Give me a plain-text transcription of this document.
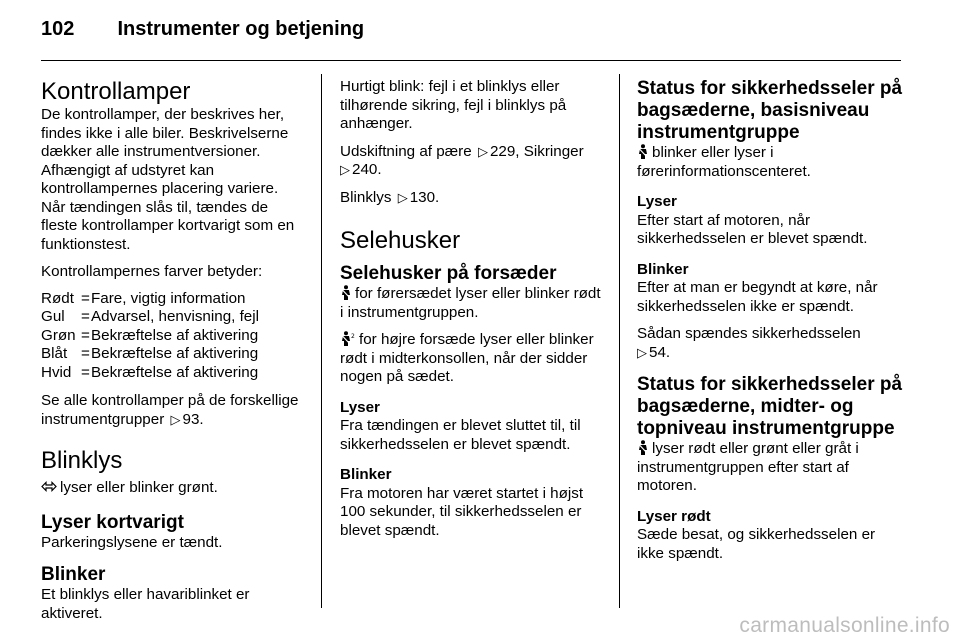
102 Instrumenter og betjening
Kontrollamper

De kontrollamper, der beskrives her, findes ikke i alle biler. Beskrivelserne dækker alle instrumentversioner. Afhængigt af udstyret kan kontrollampernes placering variere. Når tændingen slås til, tændes de fleste kontrollamper kortvarigt som en funktionstest.

Kontrollampernes farver betyder:

Rødt	=	Fare, vigtig information
Gul	=	Advarsel, henvisning, fejl
Grøn	=	Bekræftelse af aktivering
Blåt	=	Bekræftelse af aktivering
Hvid	=	Bekræftelse af aktivering

Se alle kontrollamper på de forskellige instrumentgrupper ▷ 93.

Blinklys

lyser eller blinker grønt.

Lyser kortvarigt

Parkeringslysene er tændt.

Blinker

Et blinklys eller havariblinket er aktiveret.

Hurtigt blink: fejl i et blinklys eller tilhørende sikring, fejl i blinklys på anhænger.

Udskiftning af pære ▷ 229, Sikringer
▷ 240.

Blinklys ▷ 130.

Selehusker
Selehusker på forsæder

for førersædet lyser eller blinker rødt i instrumentgruppen.

2 for højre forsæde lyser eller blinker rødt i midterkonsollen, når der sidder nogen på sædet.

Lyser

Fra tændingen er blevet sluttet til, til sikkerhedsselen er blevet spændt.

Blinker

Fra motoren har været startet i højst 100 sekunder, til sikkerhedsselen er blevet spændt.

Status for sikkerhedsseler på bagsæderne, basisniveau instrumentgruppe

blinker eller lyser i førerinformationscenteret.

Lyser

Efter start af motoren, når sikkerhedsselen er blevet spændt.

Blinker

Efter at man er begyndt at køre, når sikkerhedsselen ikke er spændt.

Sådan spændes sikkerhedsselen
▷ 54.

Status for sikkerhedsseler på bagsæderne, midter- og topniveau instrumentgruppe

lyser rødt eller grønt eller gråt i instrumentgruppen efter start af motoren.

Lyser rødt

Sæde besat, og sikkerhedsselen er ikke spændt.

carmanualsonline.info
